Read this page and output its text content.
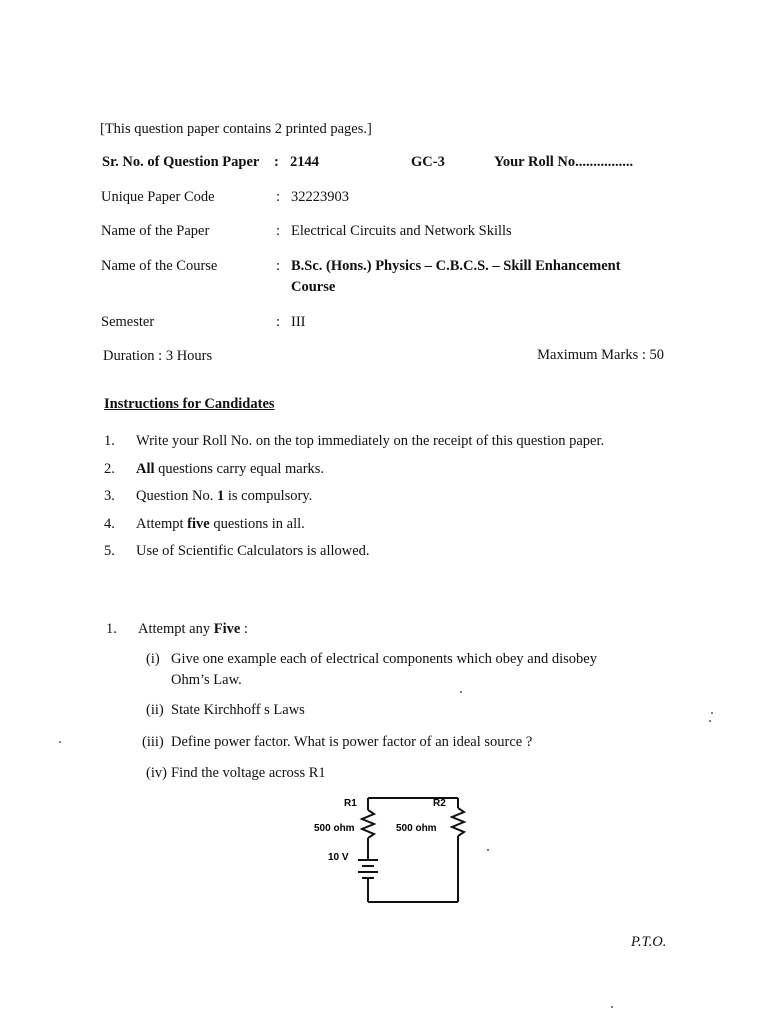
[This question paper contains 2 printed pages.]
Sr. No. of Question Paper : 2144	GC-3	Your Roll No................
Unique Paper Code	: 32223903
Name of the Paper	: Electrical Circuits and Network Skills
Name of the Course	: B.Sc. (Hons.) Physics – C.B.C.S. – Skill Enhancement
Course
Semester	: III
Duration : 3 Hours	Maximum Marks : 50
Instructions for Candidates
1. Write your Roll No. on the top immediately on the receipt of this question paper.
2. All questions carry equal marks.
3. Question No. 1 is compulsory.
4. Attempt five questions in all.
5. Use of Scientific Calculators is allowed.
1. Attempt any Five :
(i) Give one example each of electrical components which obey and disobey
Ohm’s Law.
(ii) State Kirchhoff s Laws
(iii) Define power factor. What is power factor of an ideal source ?
(iv) Find the voltage across R1
R1	R2
500 ohm	500 ohm
10 V
P.T.O.
